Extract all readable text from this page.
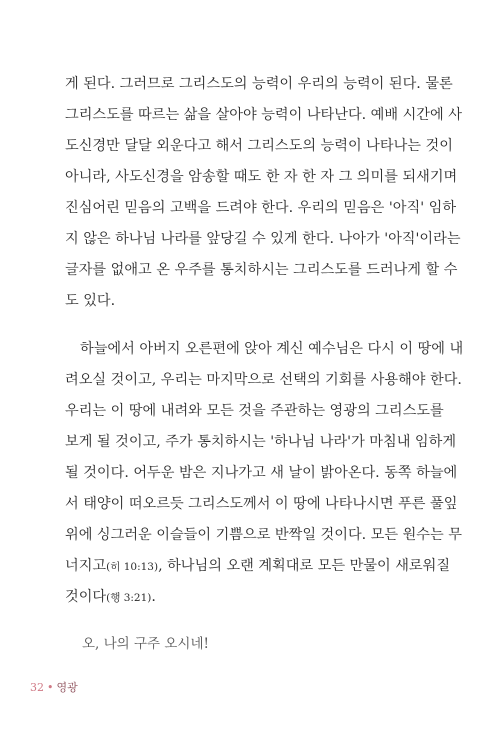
게 된다. 그러므로 그리스도의 능력이 우리의 능력이 된다. 물론
그리스도를 따르는 삶을 살아야 능력이 나타난다. 예배 시간에 사
도신경만 달달 외운다고 해서 그리스도의 능력이 나타나는 것이
아니라, 사도신경을 암송할 때도 한 자 한 자 그 의미를 되새기며
진심어린 믿음의 고백을 드려야 한다. 우리의 믿음은 '아직' 임하
지 않은 하나님 나라를 앞당길 수 있게 한다. 나아가 '아직'이라는
글자를 없애고 온 우주를 통치하시는 그리스도를 드러나게 할 수
도 있다.
하늘에서 아버지 오른편에 앉아 계신 예수님은 다시 이 땅에 내
려오실 것이고, 우리는 마지막으로 선택의 기회를 사용해야 한다.
우리는 이 땅에 내려와 모든 것을 주관하는 영광의 그리스도를
보게 될 것이고, 주가 통치하시는 '하나님 나라'가 마침내 임하게
될 것이다. 어두운 밤은 지나가고 새 날이 밝아온다. 동쪽 하늘에
서 태양이 떠오르듯 그리스도께서 이 땅에 나타나시면 푸른 풀잎
위에 싱그러운 이슬들이 기쁨으로 반짝일 것이다. 모든 원수는 무
너지고(히 10:13) , 하나님의 오랜 계획대로 모든 만물이 새로워질
것이다(행 3:21).
오, 나의 구주 오시네!
32 • 영광
